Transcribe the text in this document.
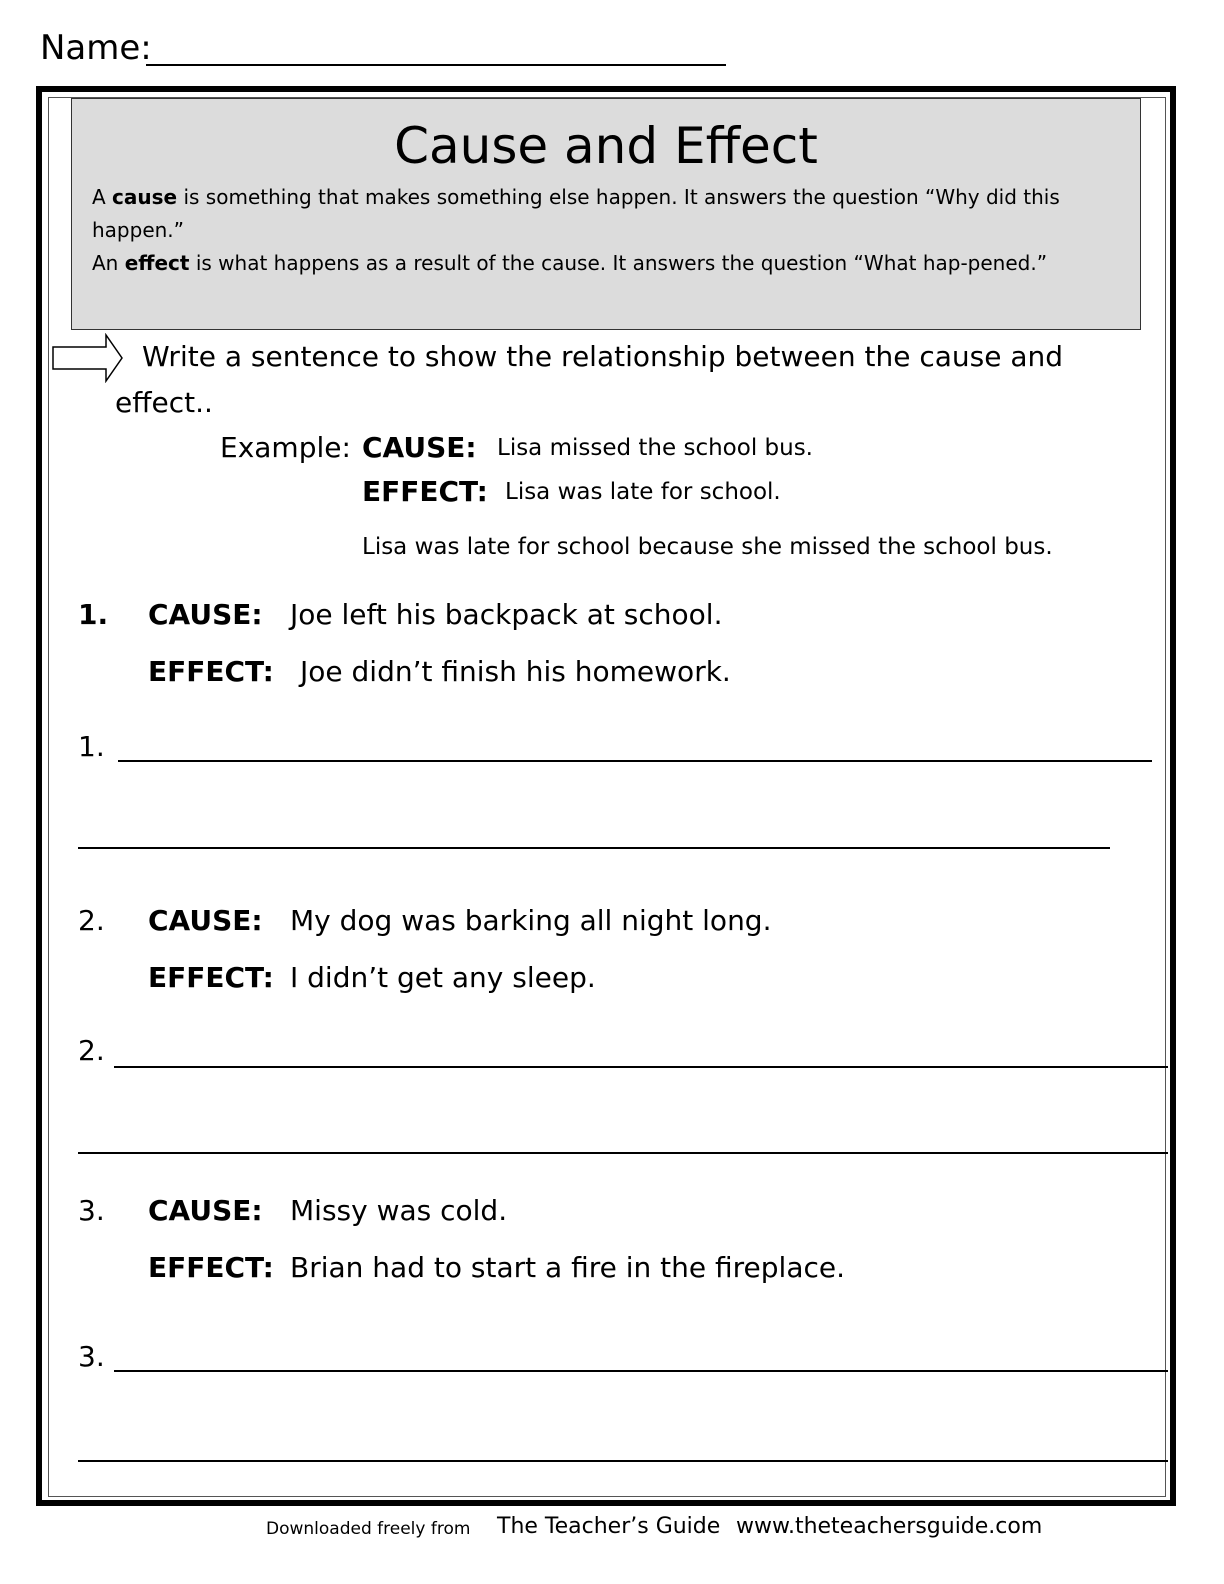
Name:
Cause and Effect
A cause is something that makes something else happen. It answers the question “Why did this happen.”
An effect is what happens as a result of the cause. It answers the question “What hap-pened.”
Write a sentence to show the relationship between the cause and
effect..
Example: CAUSE: Lisa missed the school bus.
EFFECT: Lisa was late for school.
Lisa was late for school because she missed the school bus.
1. CAUSE: Joe left his backpack at school.
EFFECT: Joe didn’t finish his homework.
1.
2. CAUSE: My dog was barking all night long.
EFFECT: I didn’t get any sleep.
2.
3. CAUSE: Missy was cold.
EFFECT: Brian had to start a fire in the fireplace.
3.
Downloaded freely from The Teacher’s Guide www.theteachersguide.com
